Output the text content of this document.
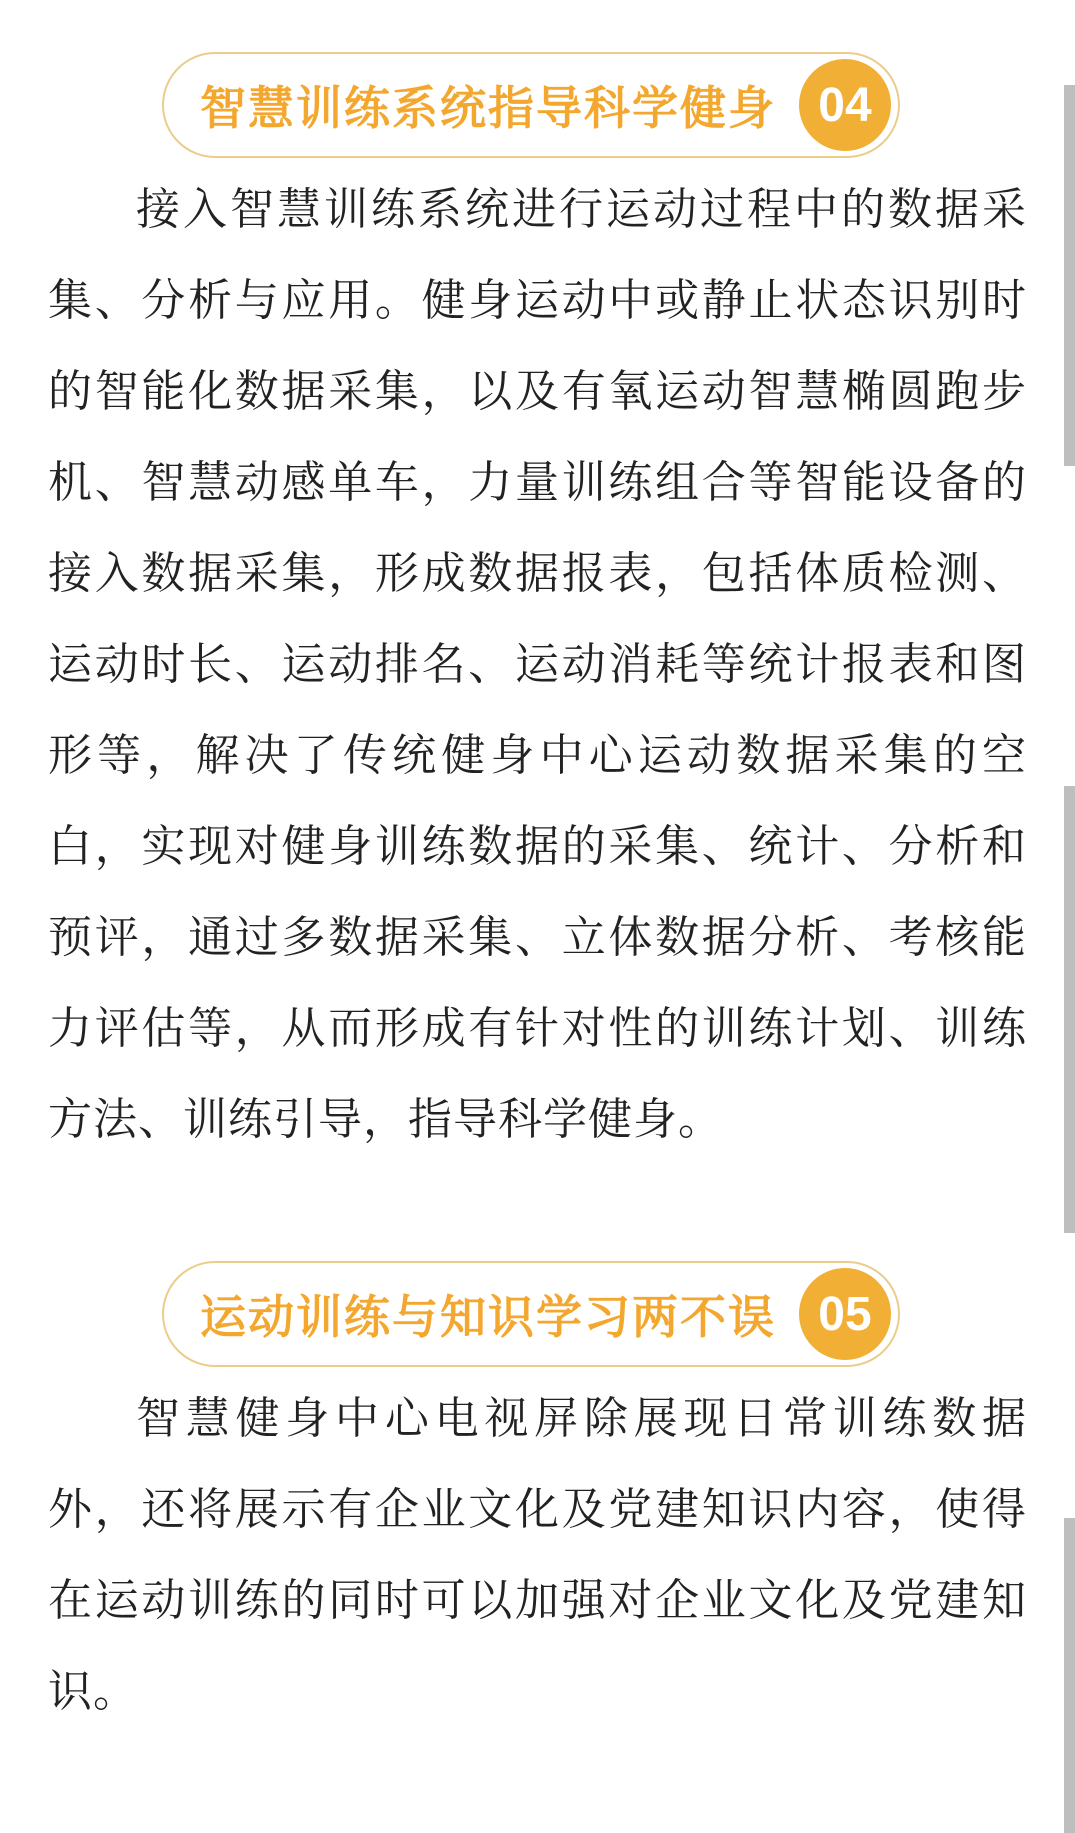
智慧训练系统指导科学健身 04

接入智慧训练系统进行运动过程中的数据采集、分析与应用。健身运动中或静止状态识别时的智能化数据采集，以及有氧运动智慧椭圆跑步机、智慧动感单车，力量训练组合等智能设备的接入数据采集，形成数据报表，包括体质检测、运动时长、运动排名、运动消耗等统计报表和图形等，解决了传统健身中心运动数据采集的空白，实现对健身训练数据的采集、统计、分析和预评，通过多数据采集、立体数据分析、考核能力评估等，从而形成有针对性的训练计划、训练方法、训练引导，指导科学健身。

运动训练与知识学习两不误 05

智慧健身中心电视屏除展现日常训练数据外，还将展示有企业文化及党建知识内容，使得在运动训练的同时可以加强对企业文化及党建知识。
